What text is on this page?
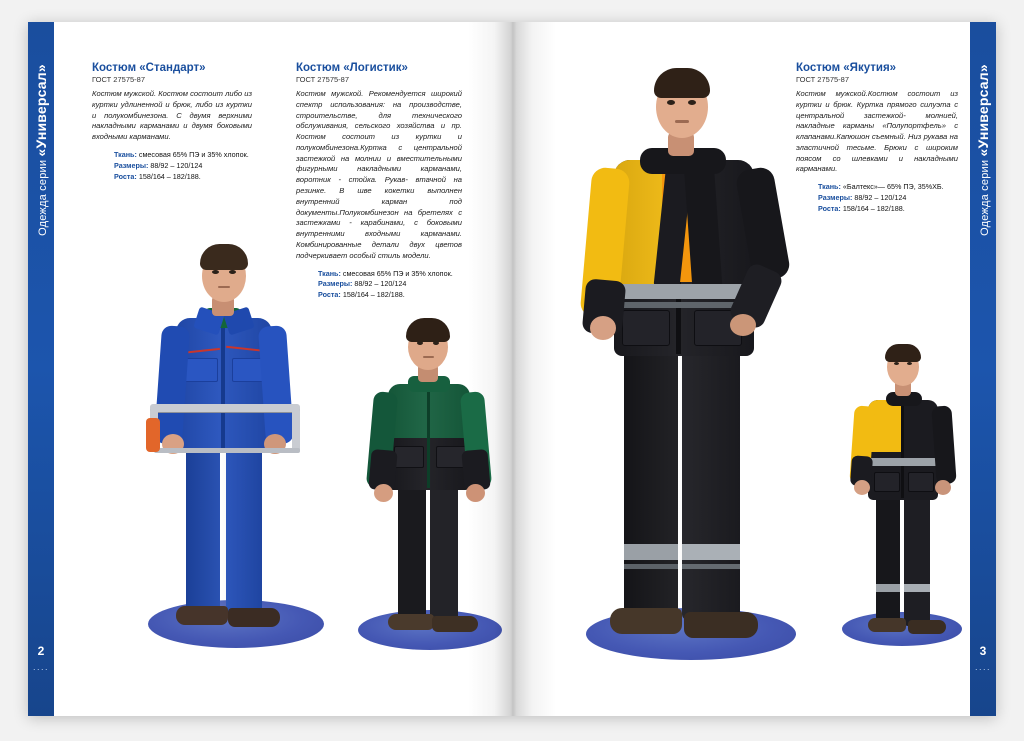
Одежда серии «Универсал»
2
....
Костюм «Стандарт»
ГОСТ 27575-87
Костюм мужской. Костюм состоит либо из куртки удлиненной и брюк, либо из куртки и полукомбинезона. С двумя верхними накладными карманами и двумя боковыми входными карманами.
Ткань: смесовая 65% ПЭ и 35% хлопок.
Размеры: 88/92 – 120/124
Роста: 158/164 – 182/188.
Костюм «Логистик»
ГОСТ 27575-87
Костюм мужской. Рекомендуется широкий спектр использования: на производстве, строительстве, для технического обслуживания, сельского хозяйства и пр. Костюм состоит из куртки и полукомбинезона.Куртка с центральной застежкой на молнии и вместительными фигурными накладными карманами, воротник - стойка. Рукав- втачной на резинке. В шве кокетки выполнен внутренний карман под документы.Полукомбинезон на бретелях с застежками - карабинами, с боковыми внутренними входными карманами. Комбинированные детали двух цветов подчеркивает особый стиль модели.
Ткань: смесовая 65% ПЭ и 35% хлопок.
Размеры: 88/92 – 120/124
Роста: 158/164 – 182/188.
Одежда серии «Универсал»
3
....
Костюм «Якутия»
ГОСТ 27575-87
Костюм мужской.Костюм состоит из куртки и брюк. Куртка прямого силуэта с центральной застежкой- молнией, накладные карманы «Полупортфель» с клапанами.Капюшон съемный. Низ рукава на эластичной тесьме. Брюки с широким поясом со шлевками и накладными карманами.
Ткань: «Балтекс»— 65% ПЭ, 35%ХБ.
Размеры: 88/92 – 120/124
Роста: 158/164 – 182/188.
